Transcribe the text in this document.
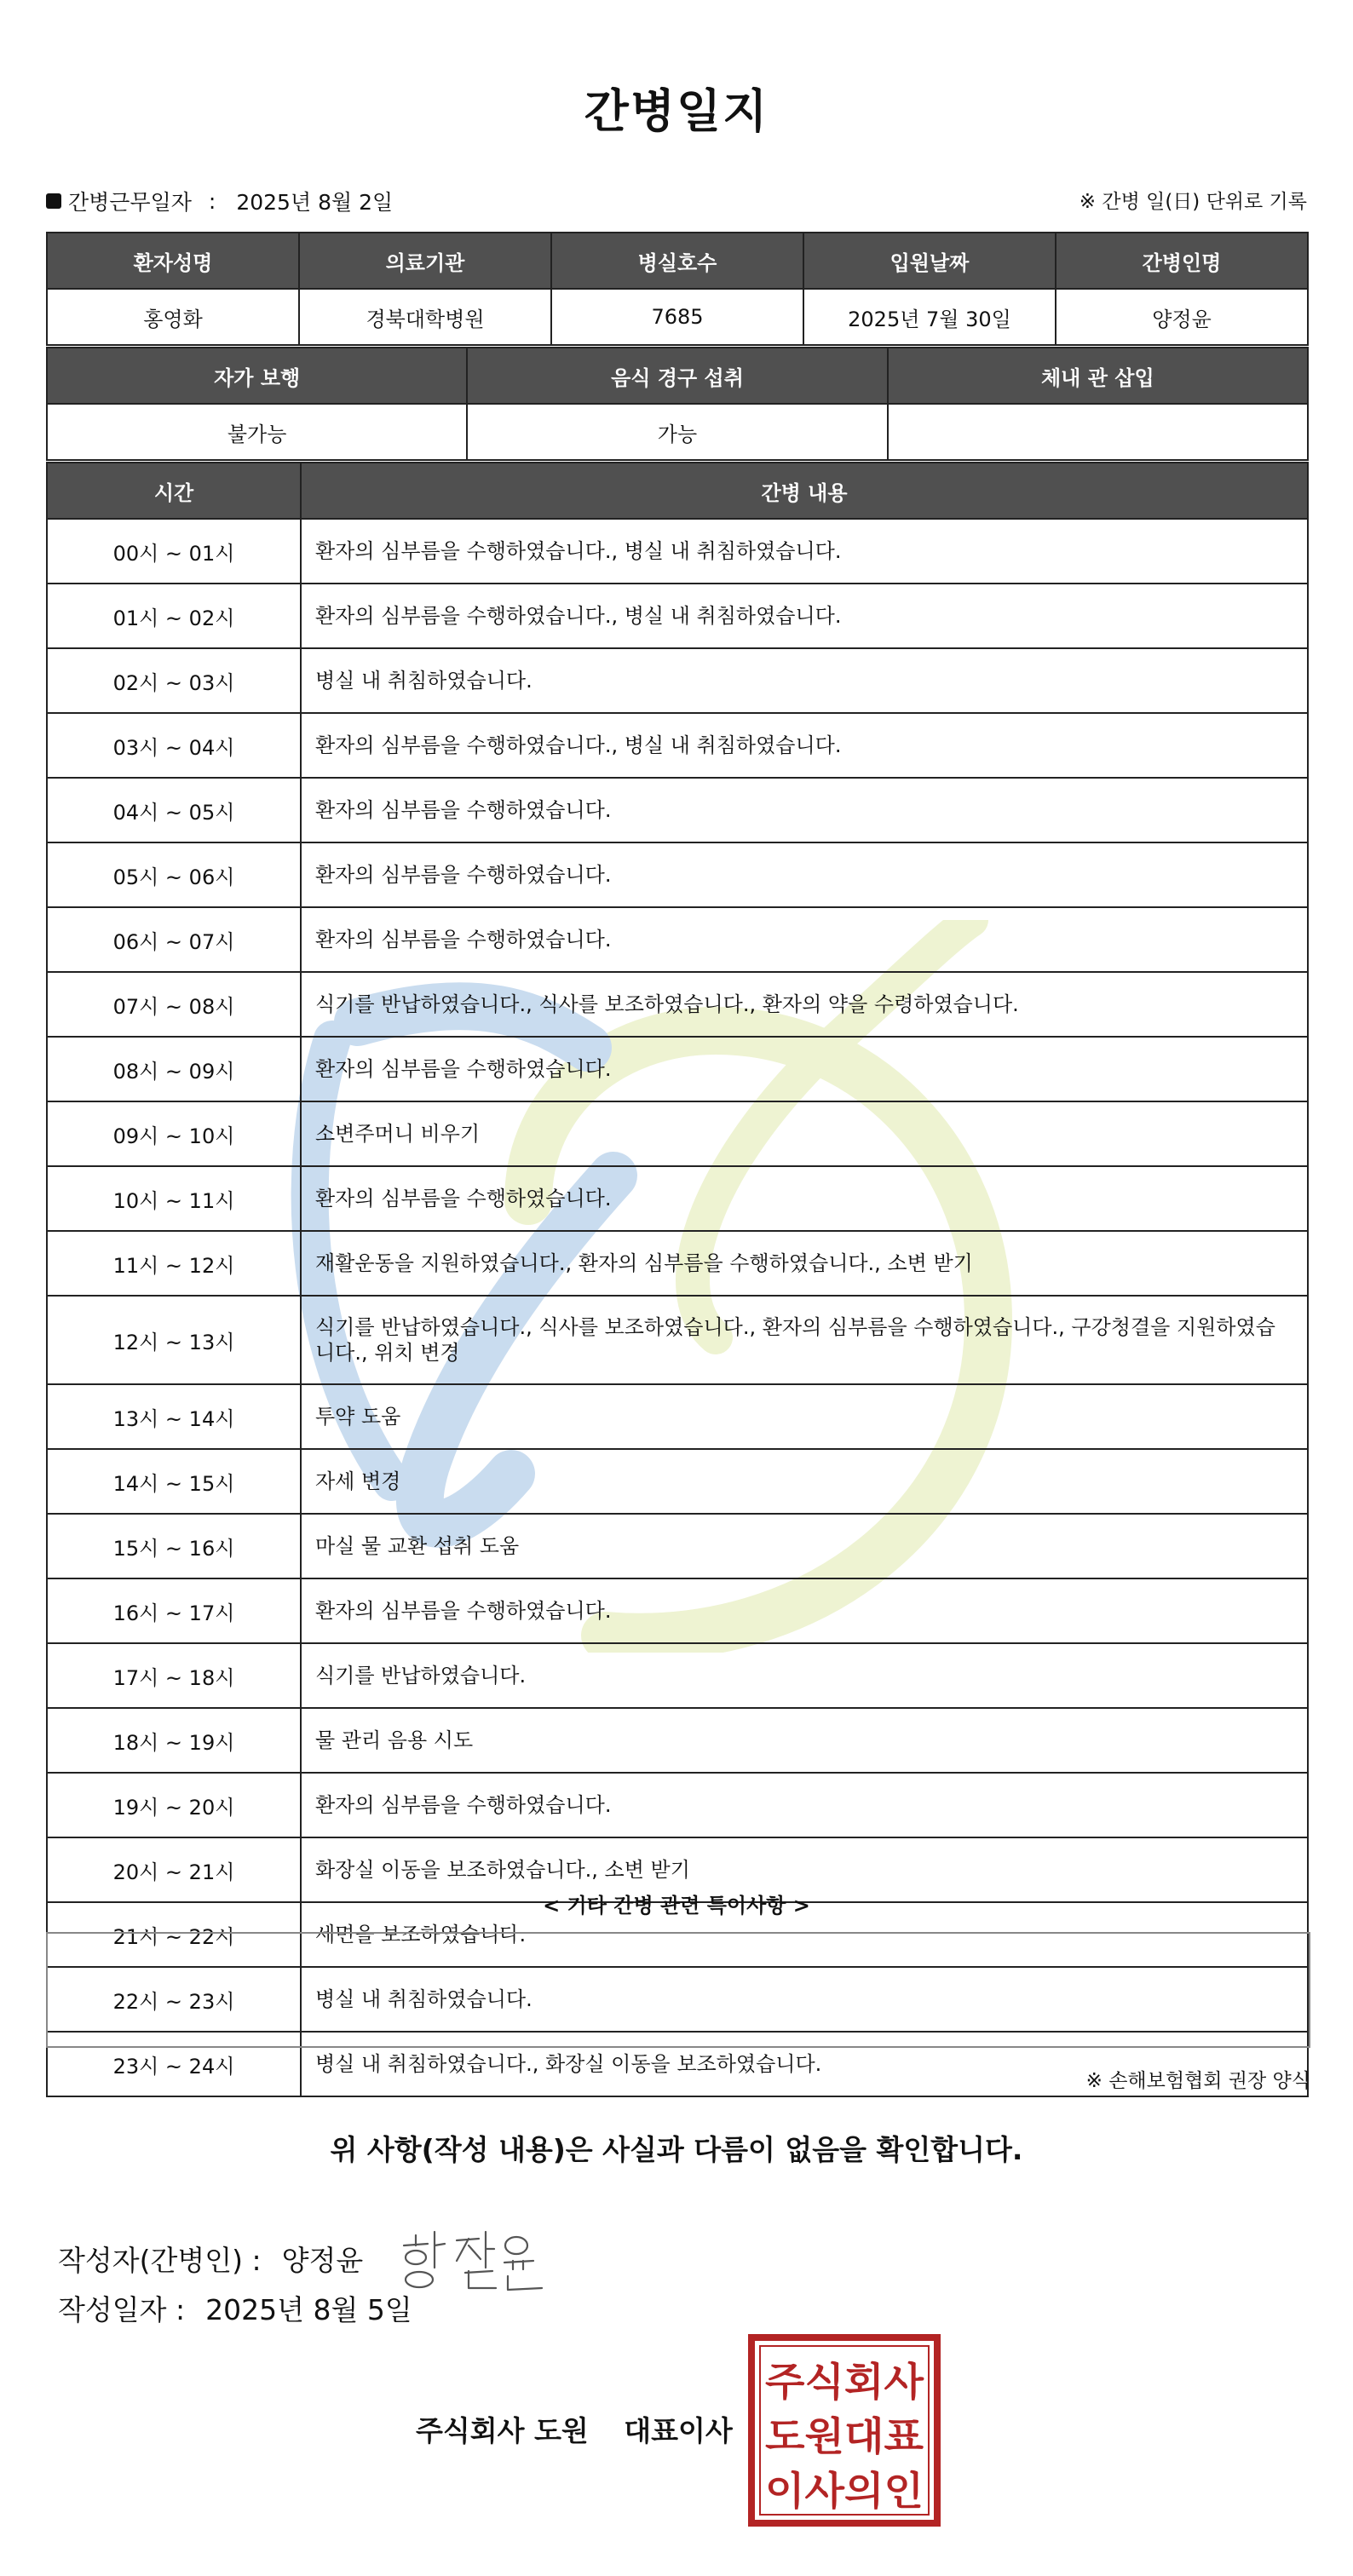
간병일지
간병근무일자 : 2025년 8월 2일	※ 간병 일(日) 단위로 기록
환자성명	의료기관	병실호수	입원날짜	간병인명
홍영화	경북대학병원	7685	2025년 7월 30일	양정윤
자가 보행	음식 경구 섭취	체내 관 삽입
불가능	가능	
시간	간병 내용
00시 ~ 01시	환자의 심부름을 수행하였습니다., 병실 내 취침하였습니다.
01시 ~ 02시	환자의 심부름을 수행하였습니다., 병실 내 취침하였습니다.
02시 ~ 03시	병실 내 취침하였습니다.
03시 ~ 04시	환자의 심부름을 수행하였습니다., 병실 내 취침하였습니다.
04시 ~ 05시	환자의 심부름을 수행하였습니다.
05시 ~ 06시	환자의 심부름을 수행하였습니다.
06시 ~ 07시	환자의 심부름을 수행하였습니다.
07시 ~ 08시	식기를 반납하였습니다., 식사를 보조하였습니다., 환자의 약을 수령하였습니다.
08시 ~ 09시	환자의 심부름을 수행하였습니다.
09시 ~ 10시	소변주머니 비우기
10시 ~ 11시	환자의 심부름을 수행하였습니다.
11시 ~ 12시	재활운동을 지원하였습니다., 환자의 심부름을 수행하였습니다., 소변 받기
12시 ~ 13시	식기를 반납하였습니다., 식사를 보조하였습니다., 환자의 심부름을 수행하였습니다., 구강청결을 지원하였습니다., 위치 변경
13시 ~ 14시	투약 도움
14시 ~ 15시	자세 변경
15시 ~ 16시	마실 물 교환 섭취 도움
16시 ~ 17시	환자의 심부름을 수행하였습니다.
17시 ~ 18시	식기를 반납하였습니다.
18시 ~ 19시	물 관리 음용 시도
19시 ~ 20시	환자의 심부름을 수행하였습니다.
20시 ~ 21시	화장실 이동을 보조하였습니다., 소변 받기
21시 ~ 22시	세면을 보조하였습니다.
22시 ~ 23시	병실 내 취침하였습니다.
23시 ~ 24시	병실 내 취침하였습니다., 화장실 이동을 보조하였습니다.
< 기타 간병 관련 특이사항 >
※ 손해보험협회 권장 양식
위 사항(작성 내용)은 사실과 다름이 없음을 확인합니다.
작성자(간병인) : 양정윤
작성일자 : 2025년 8월 5일
주식회사 도원 대표이사
주식회사
도원대표
이사의인
